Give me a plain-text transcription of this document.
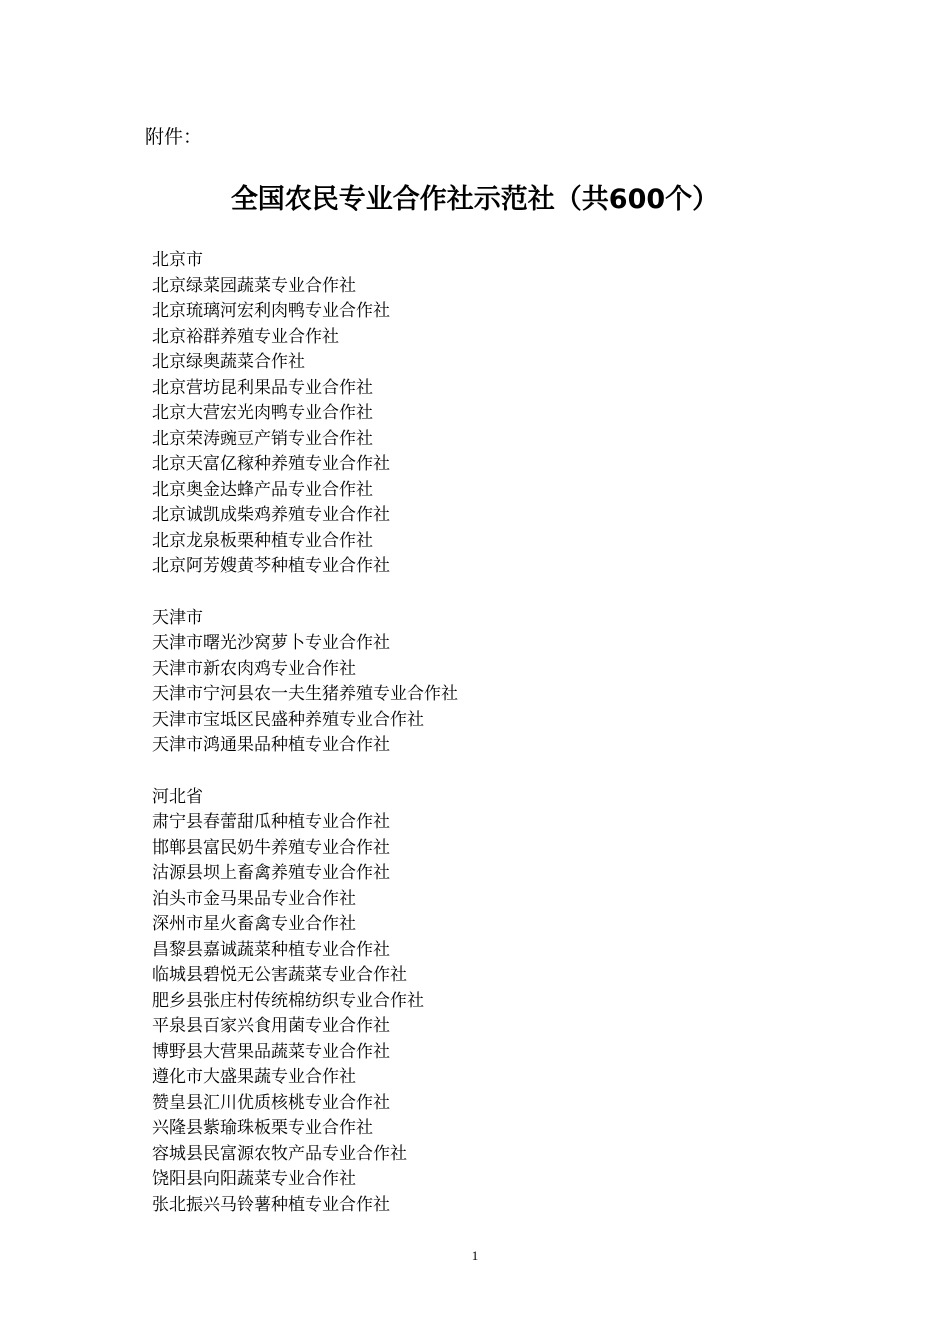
附件：
全国农民专业合作社示范社（共600个）
北京市
北京绿菜园蔬菜专业合作社
北京琉璃河宏利肉鸭专业合作社
北京裕群养殖专业合作社
北京绿奥蔬菜合作社
北京营坊昆利果品专业合作社
北京大营宏光肉鸭专业合作社
北京荣涛豌豆产销专业合作社
北京天富亿稼种养殖专业合作社
北京奥金达蜂产品专业合作社
北京诚凯成柴鸡养殖专业合作社
北京龙泉板栗种植专业合作社
北京阿芳嫂黄芩种植专业合作社
天津市
天津市曙光沙窝萝卜专业合作社
天津市新农肉鸡专业合作社
天津市宁河县农一夫生猪养殖专业合作社
天津市宝坻区民盛种养殖专业合作社
天津市鸿通果品种植专业合作社
河北省
肃宁县春蕾甜瓜种植专业合作社
邯郸县富民奶牛养殖专业合作社
沽源县坝上畜禽养殖专业合作社
泊头市金马果品专业合作社
深州市星火畜禽专业合作社
昌黎县嘉诚蔬菜种植专业合作社
临城县碧悦无公害蔬菜专业合作社
肥乡县张庄村传统棉纺织专业合作社
平泉县百家兴食用菌专业合作社
博野县大营果品蔬菜专业合作社
遵化市大盛果蔬专业合作社
赞皇县汇川优质核桃专业合作社
兴隆县紫瑜珠板栗专业合作社
容城县民富源农牧产品专业合作社
饶阳县向阳蔬菜专业合作社
张北振兴马铃薯种植专业合作社
1
